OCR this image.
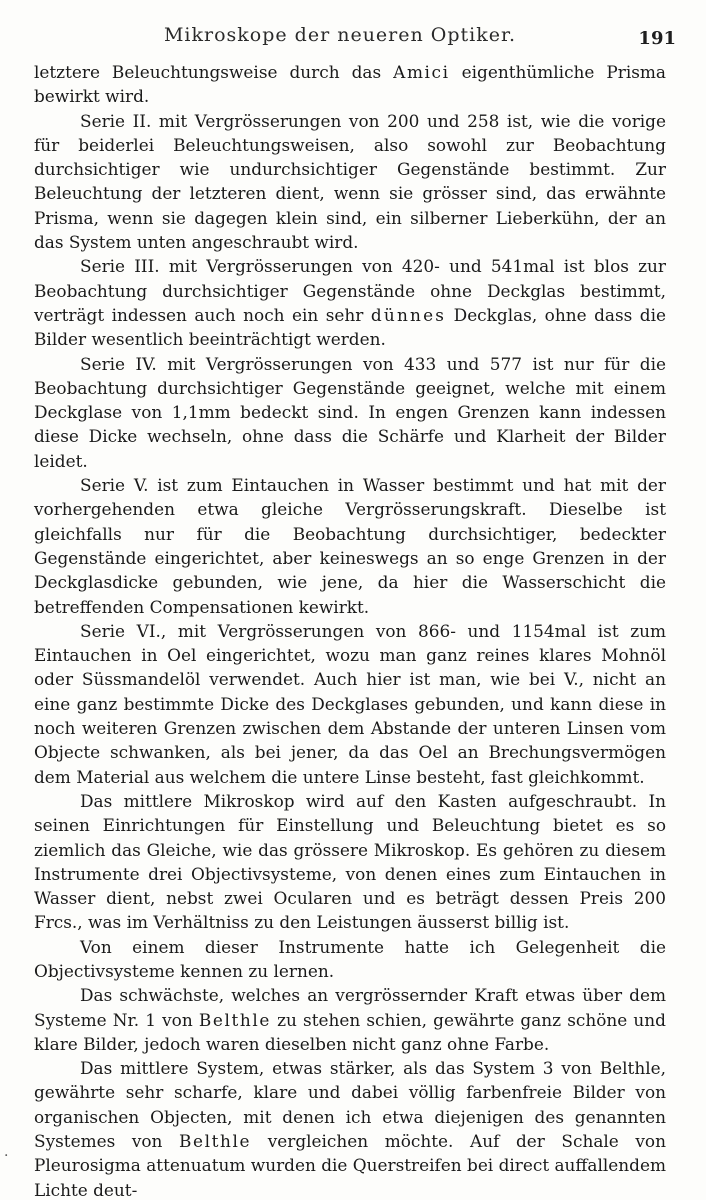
Mikroskope der neueren Optiker.	191

letztere Beleuchtungsweise durch das Amici eigenthümliche Prisma bewirkt wird.

Serie II. mit Vergrösserungen von 200 und 258 ist, wie die vorige für beiderlei Beleuchtungsweisen, also sowohl zur Beobachtung durchsichtiger wie undurchsichtiger Gegenstände bestimmt. Zur Beleuchtung der letzteren dient, wenn sie grösser sind, das erwähnte Prisma, wenn sie dagegen klein sind, ein silberner Lieberkühn, der an das System unten angeschraubt wird.

Serie III. mit Vergrösserungen von 420- und 541mal ist blos zur Beobachtung durchsichtiger Gegenstände ohne Deckglas bestimmt, verträgt indessen auch noch ein sehr dünnes Deckglas, ohne dass die Bilder wesentlich beeinträchtigt werden.

Serie IV. mit Vergrösserungen von 433 und 577 ist nur für die Beobachtung durchsichtiger Gegenstände geeignet, welche mit einem Deckglase von 1,1mm bedeckt sind. In engen Grenzen kann indessen diese Dicke wechseln, ohne dass die Schärfe und Klarheit der Bilder leidet.

Serie V. ist zum Eintauchen in Wasser bestimmt und hat mit der vorhergehenden etwa gleiche Vergrösserungskraft. Dieselbe ist gleichfalls nur für die Beobachtung durchsichtiger, bedeckter Gegenstände eingerichtet, aber keineswegs an so enge Grenzen in der Deckglasdicke gebunden, wie jene, da hier die Wasserschicht die betreffenden Compensationen kewirkt.

Serie VI., mit Vergrösserungen von 866- und 1154mal ist zum Eintauchen in Oel eingerichtet, wozu man ganz reines klares Mohnöl oder Süssmandelöl verwendet. Auch hier ist man, wie bei V., nicht an eine ganz bestimmte Dicke des Deckglases gebunden, und kann diese in noch weiteren Grenzen zwischen dem Abstande der unteren Linsen vom Objecte schwanken, als bei jener, da das Oel an Brechungsvermögen dem Material aus welchem die untere Linse besteht, fast gleichkommt.

Das mittlere Mikroskop wird auf den Kasten aufgeschraubt. In seinen Einrichtungen für Einstellung und Beleuchtung bietet es so ziemlich das Gleiche, wie das grössere Mikroskop. Es gehören zu diesem Instrumente drei Objectivsysteme, von denen eines zum Eintauchen in Wasser dient, nebst zwei Ocularen und es beträgt dessen Preis 200 Frcs., was im Verhältniss zu den Leistungen äusserst billig ist.

Von einem dieser Instrumente hatte ich Gelegenheit die Objectivsysteme kennen zu lernen.

Das schwächste, welches an vergrössernder Kraft etwas über dem Systeme Nr. 1 von Belthle zu stehen schien, gewährte ganz schöne und klare Bilder, jedoch waren dieselben nicht ganz ohne Farbe.

Das mittlere System, etwas stärker, als das System 3 von Belthle, gewährte sehr scharfe, klare und dabei völlig farbenfreie Bilder von organischen Objecten, mit denen ich etwa diejenigen des genannten Systemes von Belthle vergleichen möchte. Auf der Schale von Pleurosigma attenuatum wurden die Querstreifen bei direct auffallendem Lichte deut-

·
